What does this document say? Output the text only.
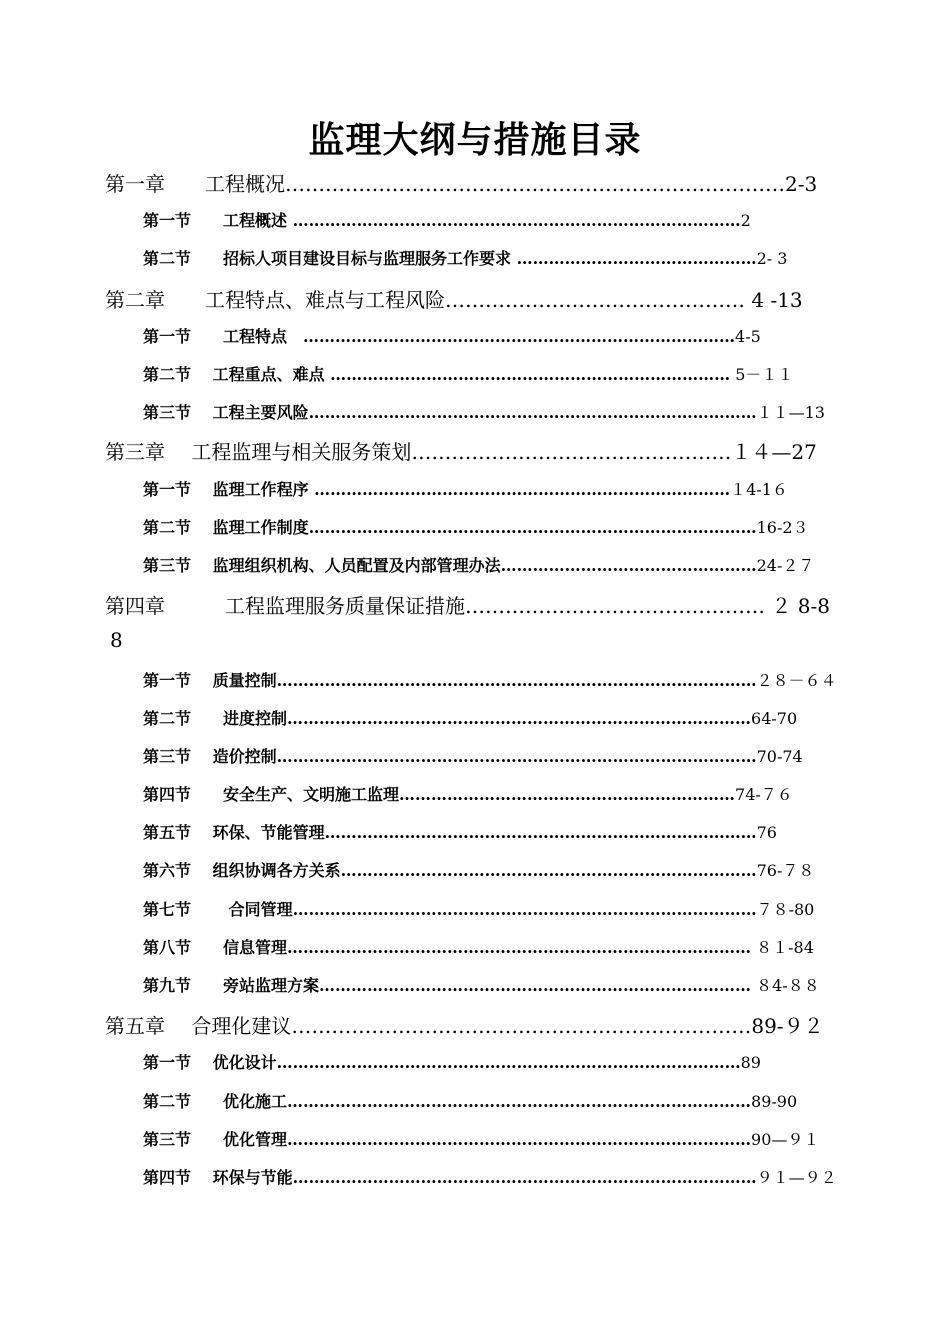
监理大纲与措施目录
第一章　　工程概况…………………………………………………………………2-3
第一节　　工程概述 …………………………………………………………………………2
第二节　　招标人项目建设目标与监理服务工作要求 ………………………………………2- 3
第二章　　工程特点、难点与工程风险……………………………………… 4 -13
第一节　　工程特点　………………………………………………………………………4-5
第二节　 工程重点、难点 ………………………………………………………………… 5－１１
第三节　 工程主要风险…………………………………………………………………………１１—13
第三章　 工程监理与相关服务策划…………………………………………１４—27
第一节　 监理工作程序 ……………………………………………………………………１4-1６
第二节　 监理工作制度…………………………………………………………………………16-2３
第三节　 监理组织机构、人员配置及内部管理办法…………………………………………24-２７
第四章　　　工程监理服务质量保证措施……………………………………… ２ 8-8
8
第一节　 质量控制………………………………………………………………………………２８－６４
第二节　　进度控制……………………………………………………………………………64-70
第三节　 造价控制………………………………………………………………………………70-74
第四节　　安全生产、文明施工监理………………………………………………………74-７６
第五节　 环保、节能管理………………………………………………………………………76
第六节　 组织协调各方关系……………………………………………………………………76-７８
第七节　　 合同管理……………………………………………………………………………７８-80
第八节　　信息管理…………………………………………………………………………… ８１-84
第九节　　旁站监理方案……………………………………………………………………… ８4-８８
第五章　 合理化建议……………………………………………………………89-９２
第一节　 优化设计……………………………………………………………………………89
第二节　　优化施工……………………………………………………………………………89-90
第三节　　优化管理……………………………………………………………………………90—９１
第四节　 环保与节能……………………………………………………………………………９１—９２
